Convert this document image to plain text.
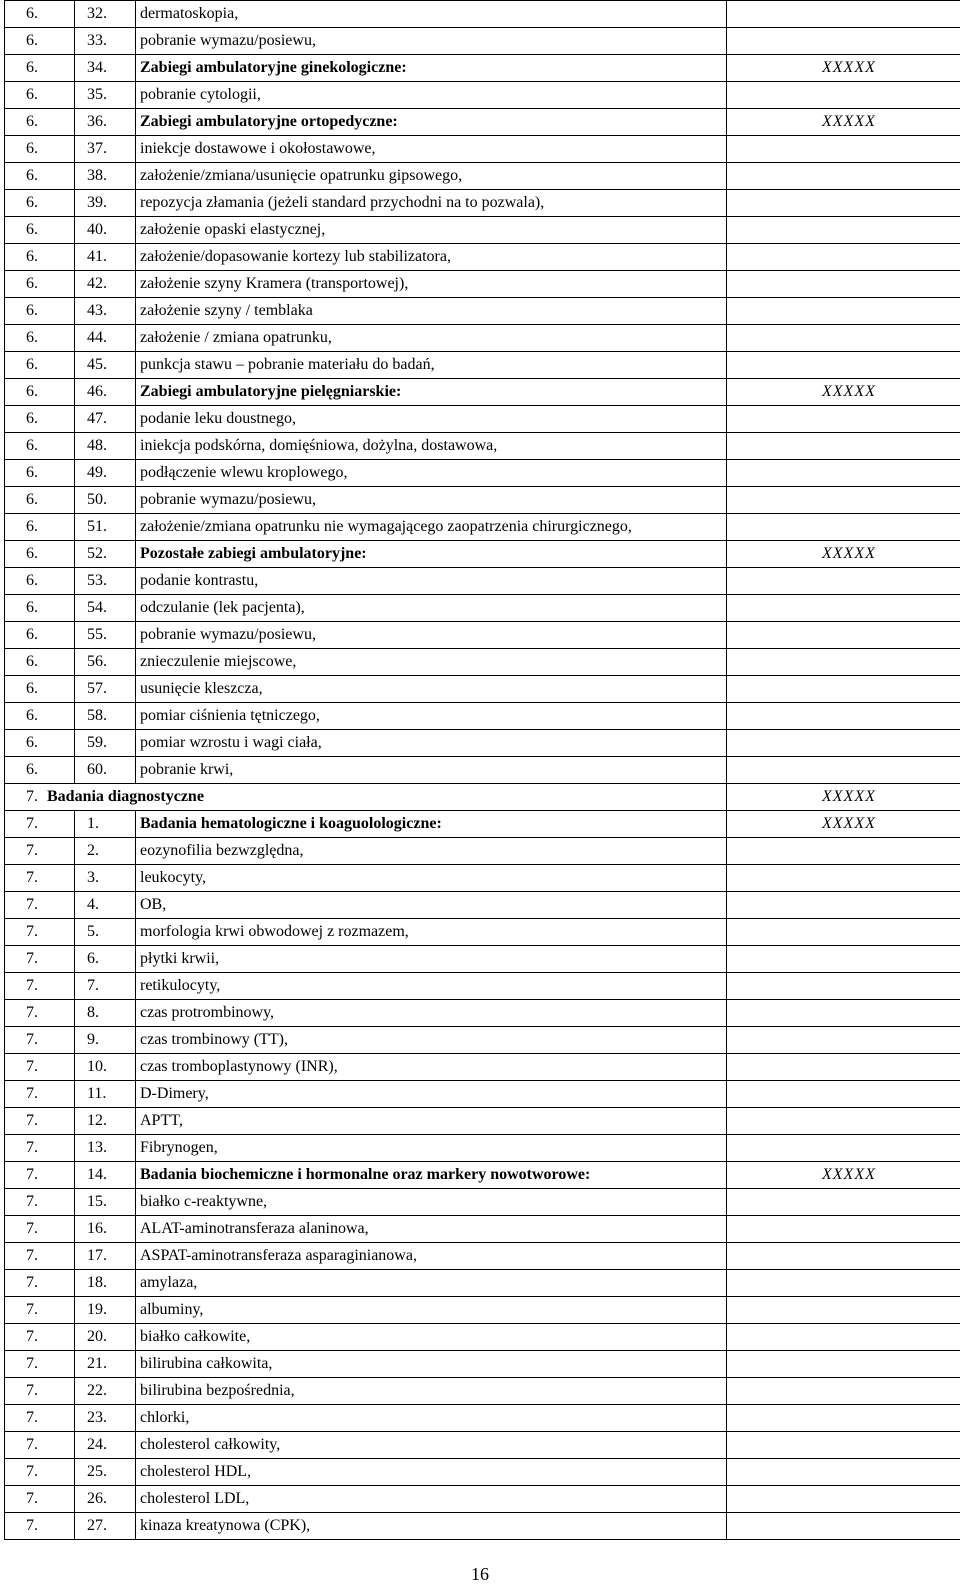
6.	32.	dermatoskopia,	
6.	33.	pobranie wymazu/posiewu,	
6.	34.	Zabiegi ambulatoryjne ginekologiczne:	XXXXX
6.	35.	pobranie cytologii,	
6.	36.	Zabiegi ambulatoryjne ortopedyczne:	XXXXX
6.	37.	iniekcje dostawowe i okołostawowe,	
6.	38.	założenie/zmiana/usunięcie opatrunku gipsowego,	
6.	39.	repozycja złamania (jeżeli standard przychodni na to pozwala),	
6.	40.	założenie opaski elastycznej,	
6.	41.	założenie/dopasowanie kortezy lub stabilizatora,	
6.	42.	założenie szyny Kramera (transportowej),	
6.	43.	założenie szyny / temblaka	
6.	44.	założenie / zmiana opatrunku,	
6.	45.	punkcja stawu – pobranie materiału do badań,	
6.	46.	Zabiegi ambulatoryjne pielęgniarskie:	XXXXX
6.	47.	podanie leku doustnego,	
6.	48.	iniekcja podskórna, domięśniowa, dożylna, dostawowa,	
6.	49.	podłączenie wlewu kroplowego,	
6.	50.	pobranie wymazu/posiewu,	
6.	51.	założenie/zmiana opatrunku nie wymagającego zaopatrzenia chirurgicznego,	
6.	52.	Pozostałe zabiegi ambulatoryjne:	XXXXX
6.	53.	podanie kontrastu,	
6.	54.	odczulanie (lek pacjenta),	
6.	55.	pobranie wymazu/posiewu,	
6.	56.	znieczulenie miejscowe,	
6.	57.	usunięcie kleszcza,	
6.	58.	pomiar ciśnienia tętniczego,	
6.	59.	pomiar wzrostu i wagi ciała,	
6.	60.	pobranie krwi,	
7. Badania diagnostyczne			XXXXX
7.	1.	Badania hematologiczne i koaguolologiczne:	XXXXX
7.	2.	eozynofilia bezwzględna,	
7.	3.	leukocyty,	
7.	4.	OB,	
7.	5.	morfologia krwi obwodowej z rozmazem,	
7.	6.	płytki krwii,	
7.	7.	retikulocyty,	
7.	8.	czas protrombinowy,	
7.	9.	czas trombinowy (TT),	
7.	10.	czas tromboplastynowy (INR),	
7.	11.	D-Dimery,	
7.	12.	APTT,	
7.	13.	Fibrynogen,	
7.	14.	Badania biochemiczne i hormonalne oraz markery nowotworowe:	XXXXX
7.	15.	białko c-reaktywne,	
7.	16.	ALAT-aminotransferaza alaninowa,	
7.	17.	ASPAT-aminotransferaza asparaginianowa,	
7.	18.	amylaza,	
7.	19.	albuminy,	
7.	20.	białko całkowite,	
7.	21.	bilirubina całkowita,	
7.	22.	bilirubina bezpośrednia,	
7.	23.	chlorki,	
7.	24.	cholesterol całkowity,	
7.	25.	cholesterol HDL,	
7.	26.	cholesterol LDL,	
7.	27.	kinaza kreatynowa (CPK),	
16
